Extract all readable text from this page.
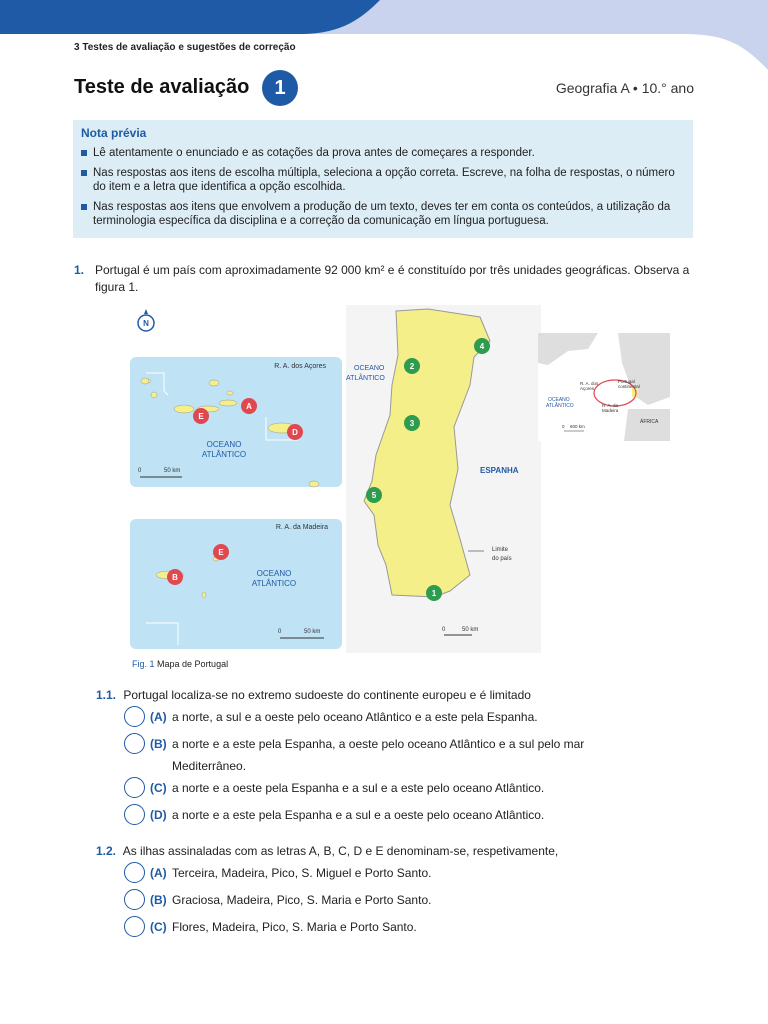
3 Testes de avaliação e sugestões de correção
Teste de avaliação	1	Geografia A • 10.° ano
Nota prévia
Lê atentamente o enunciado e as cotações da prova antes de começares a responder.
Nas respostas aos itens de escolha múltipla, seleciona a opção correta. Escreve, na folha de respostas, o número do item e a letra que identifica a opção escolhida.
Nas respostas aos itens que envolvem a produção de um texto, deves ter em conta os conteúdos, a utilização da terminologia específica da disciplina e a correção da comunicação em língua portuguesa.
1. Portugal é um país com aproximadamente 92 000 km² e é constituído por três unidades geográficas. Observa a figura 1.
N
R. A. dos Açores
OCEANO
ATLÂNTICO
0	50 km
R. A. da Madeira
OCEANO
ATLÂNTICO
0	50 km
A
E
D
E
B
OCEANO
ATLÂNTICO
ESPANHA
Limite
do país
0	50 km
4
2
3
5
1
Portugal
continental
R. A. dos
Açores
R. A. da
Madeira
OCEANO
ATLÂNTICO
ÁFRICA
0 600 km
Fig. 1 Mapa de Portugal
1.1. Portugal localiza-se no extremo sudoeste do continente europeu e é limitado
(A) a norte, a sul e a oeste pelo oceano Atlântico e a este pela Espanha.
(B) a norte e a este pela Espanha, a oeste pelo oceano Atlântico e a sul pelo mar
Mediterrâneo.
(C) a norte e a oeste pela Espanha e a sul e a este pelo oceano Atlântico.
(D) a norte e a este pela Espanha e a sul e a oeste pelo oceano Atlântico.
1.2. As ilhas assinaladas com as letras A, B, C, D e E denominam-se, respetivamente,
(A) Terceira, Madeira, Pico, S. Miguel e Porto Santo.
(B) Graciosa, Madeira, Pico, S. Maria e Porto Santo.
(C) Flores, Madeira, Pico, S. Maria e Porto Santo.
